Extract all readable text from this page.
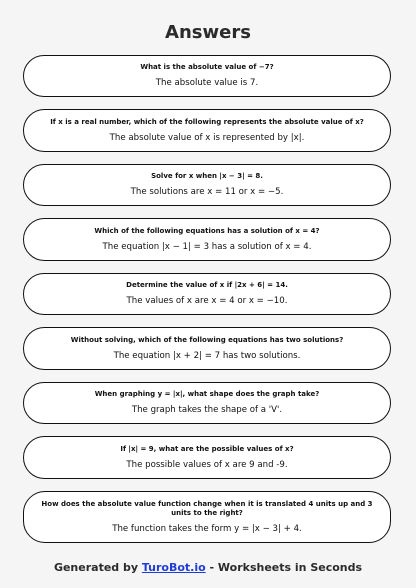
Answers
What is the absolute value of −7?
The absolute value is 7.
If x is a real number, which of the following represents the absolute value of x?
The absolute value of x is represented by |x|.
Solve for x when |x − 3| = 8.
The solutions are x = 11 or x = −5.
Which of the following equations has a solution of x = 4?
The equation |x − 1| = 3 has a solution of x = 4.
Determine the value of x if |2x + 6| = 14.
The values of x are x = 4 or x = −10.
Without solving, which of the following equations has two solutions?
The equation |x + 2| = 7 has two solutions.
When graphing y = |x|, what shape does the graph take?
The graph takes the shape of a 'V'.
If |x| = 9, what are the possible values of x?
The possible values of x are 9 and -9.
How does the absolute value function change when it is translated 4 units up and 3 units to the right?
The function takes the form y = |x − 3| + 4.
Generated by TuroBot.io - Worksheets in Seconds
